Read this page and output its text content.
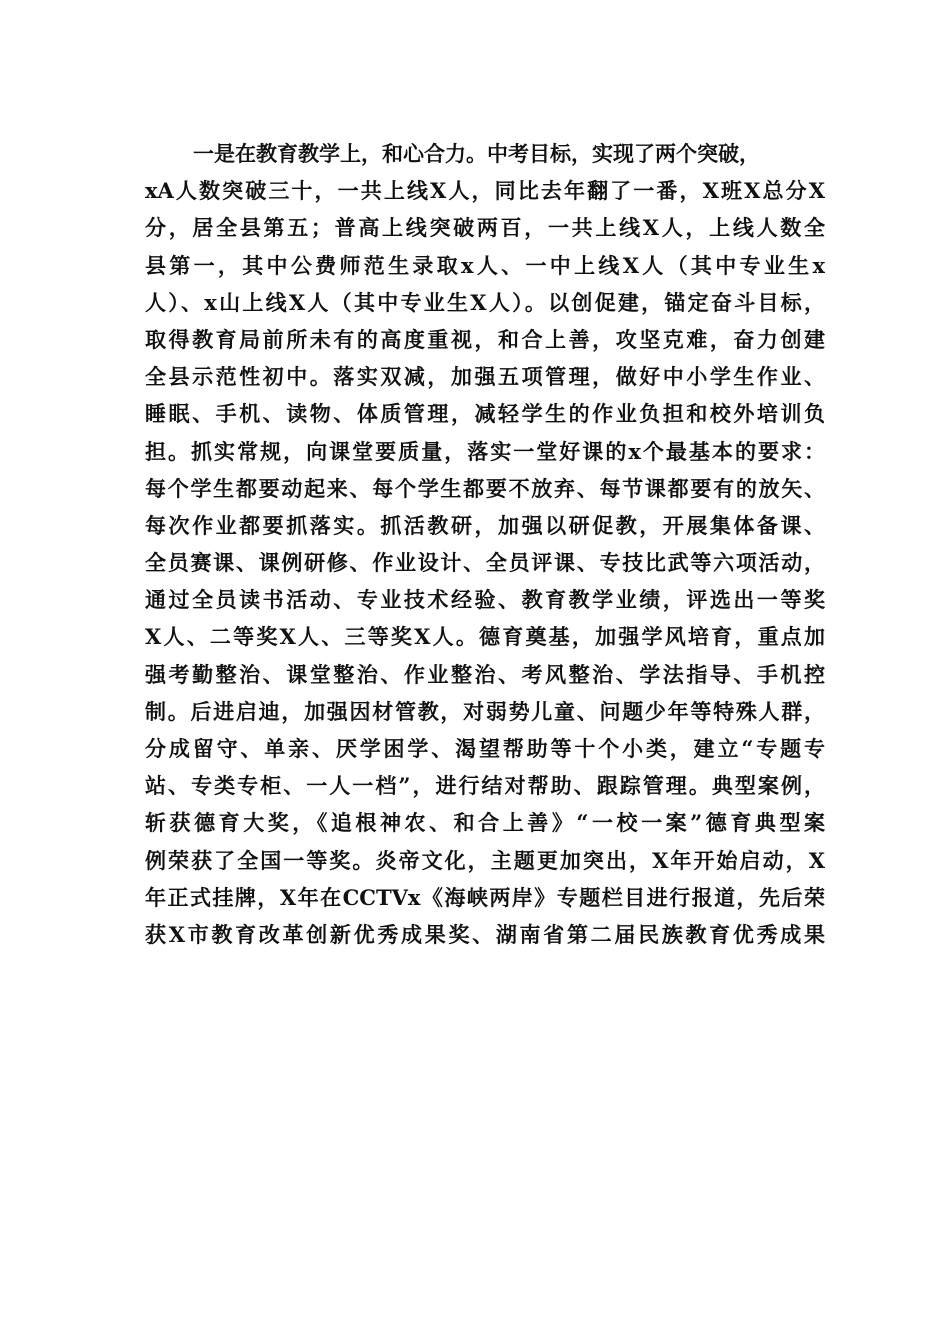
一是在教育教学上，和心合力。中考目标，实现了两个突破，
xA人数突破三十，一共上线X人，同比去年翻了一番，X班X总分X
分，居全县第五；普高上线突破两百，一共上线X人，上线人数全
县第一，其中公费师范生录取x人、一中上线X人（其中专业生x
人）、x山上线X人（其中专业生X人）。以创促建，锚定奋斗目标，
取得教育局前所未有的高度重视，和合上善，攻坚克难，奋力创建
全县示范性初中。落实双减，加强五项管理，做好中小学生作业、
睡眠、手机、读物、体质管理，减轻学生的作业负担和校外培训负
担。抓实常规，向课堂要质量，落实一堂好课的x个最基本的要求：
每个学生都要动起来、每个学生都要不放弃、每节课都要有的放矢、
每次作业都要抓落实。抓活教研，加强以研促教，开展集体备课、
全员赛课、课例研修、作业设计、全员评课、专技比武等六项活动，
通过全员读书活动、专业技术经验、教育教学业绩，评选出一等奖
X人、二等奖X人、三等奖X人。德育奠基，加强学风培育，重点加
强考勤整治、课堂整治、作业整治、考风整治、学法指导、手机控
制。后进启迪，加强因材管教，对弱势儿童、问题少年等特殊人群，
分成留守、单亲、厌学困学、渴望帮助等十个小类，建立“专题专
站、专类专柜、一人一档”，进行结对帮助、跟踪管理。典型案例，
斩获德育大奖，《追根神农、和合上善》“一校一案”德育典型案
例荣获了全国一等奖。炎帝文化，主题更加突出，X年开始启动，X
年正式挂牌，X年在CCTVx《海峡两岸》专题栏目进行报道，先后荣
获X市教育改革创新优秀成果奖、湖南省第二届民族教育优秀成果
